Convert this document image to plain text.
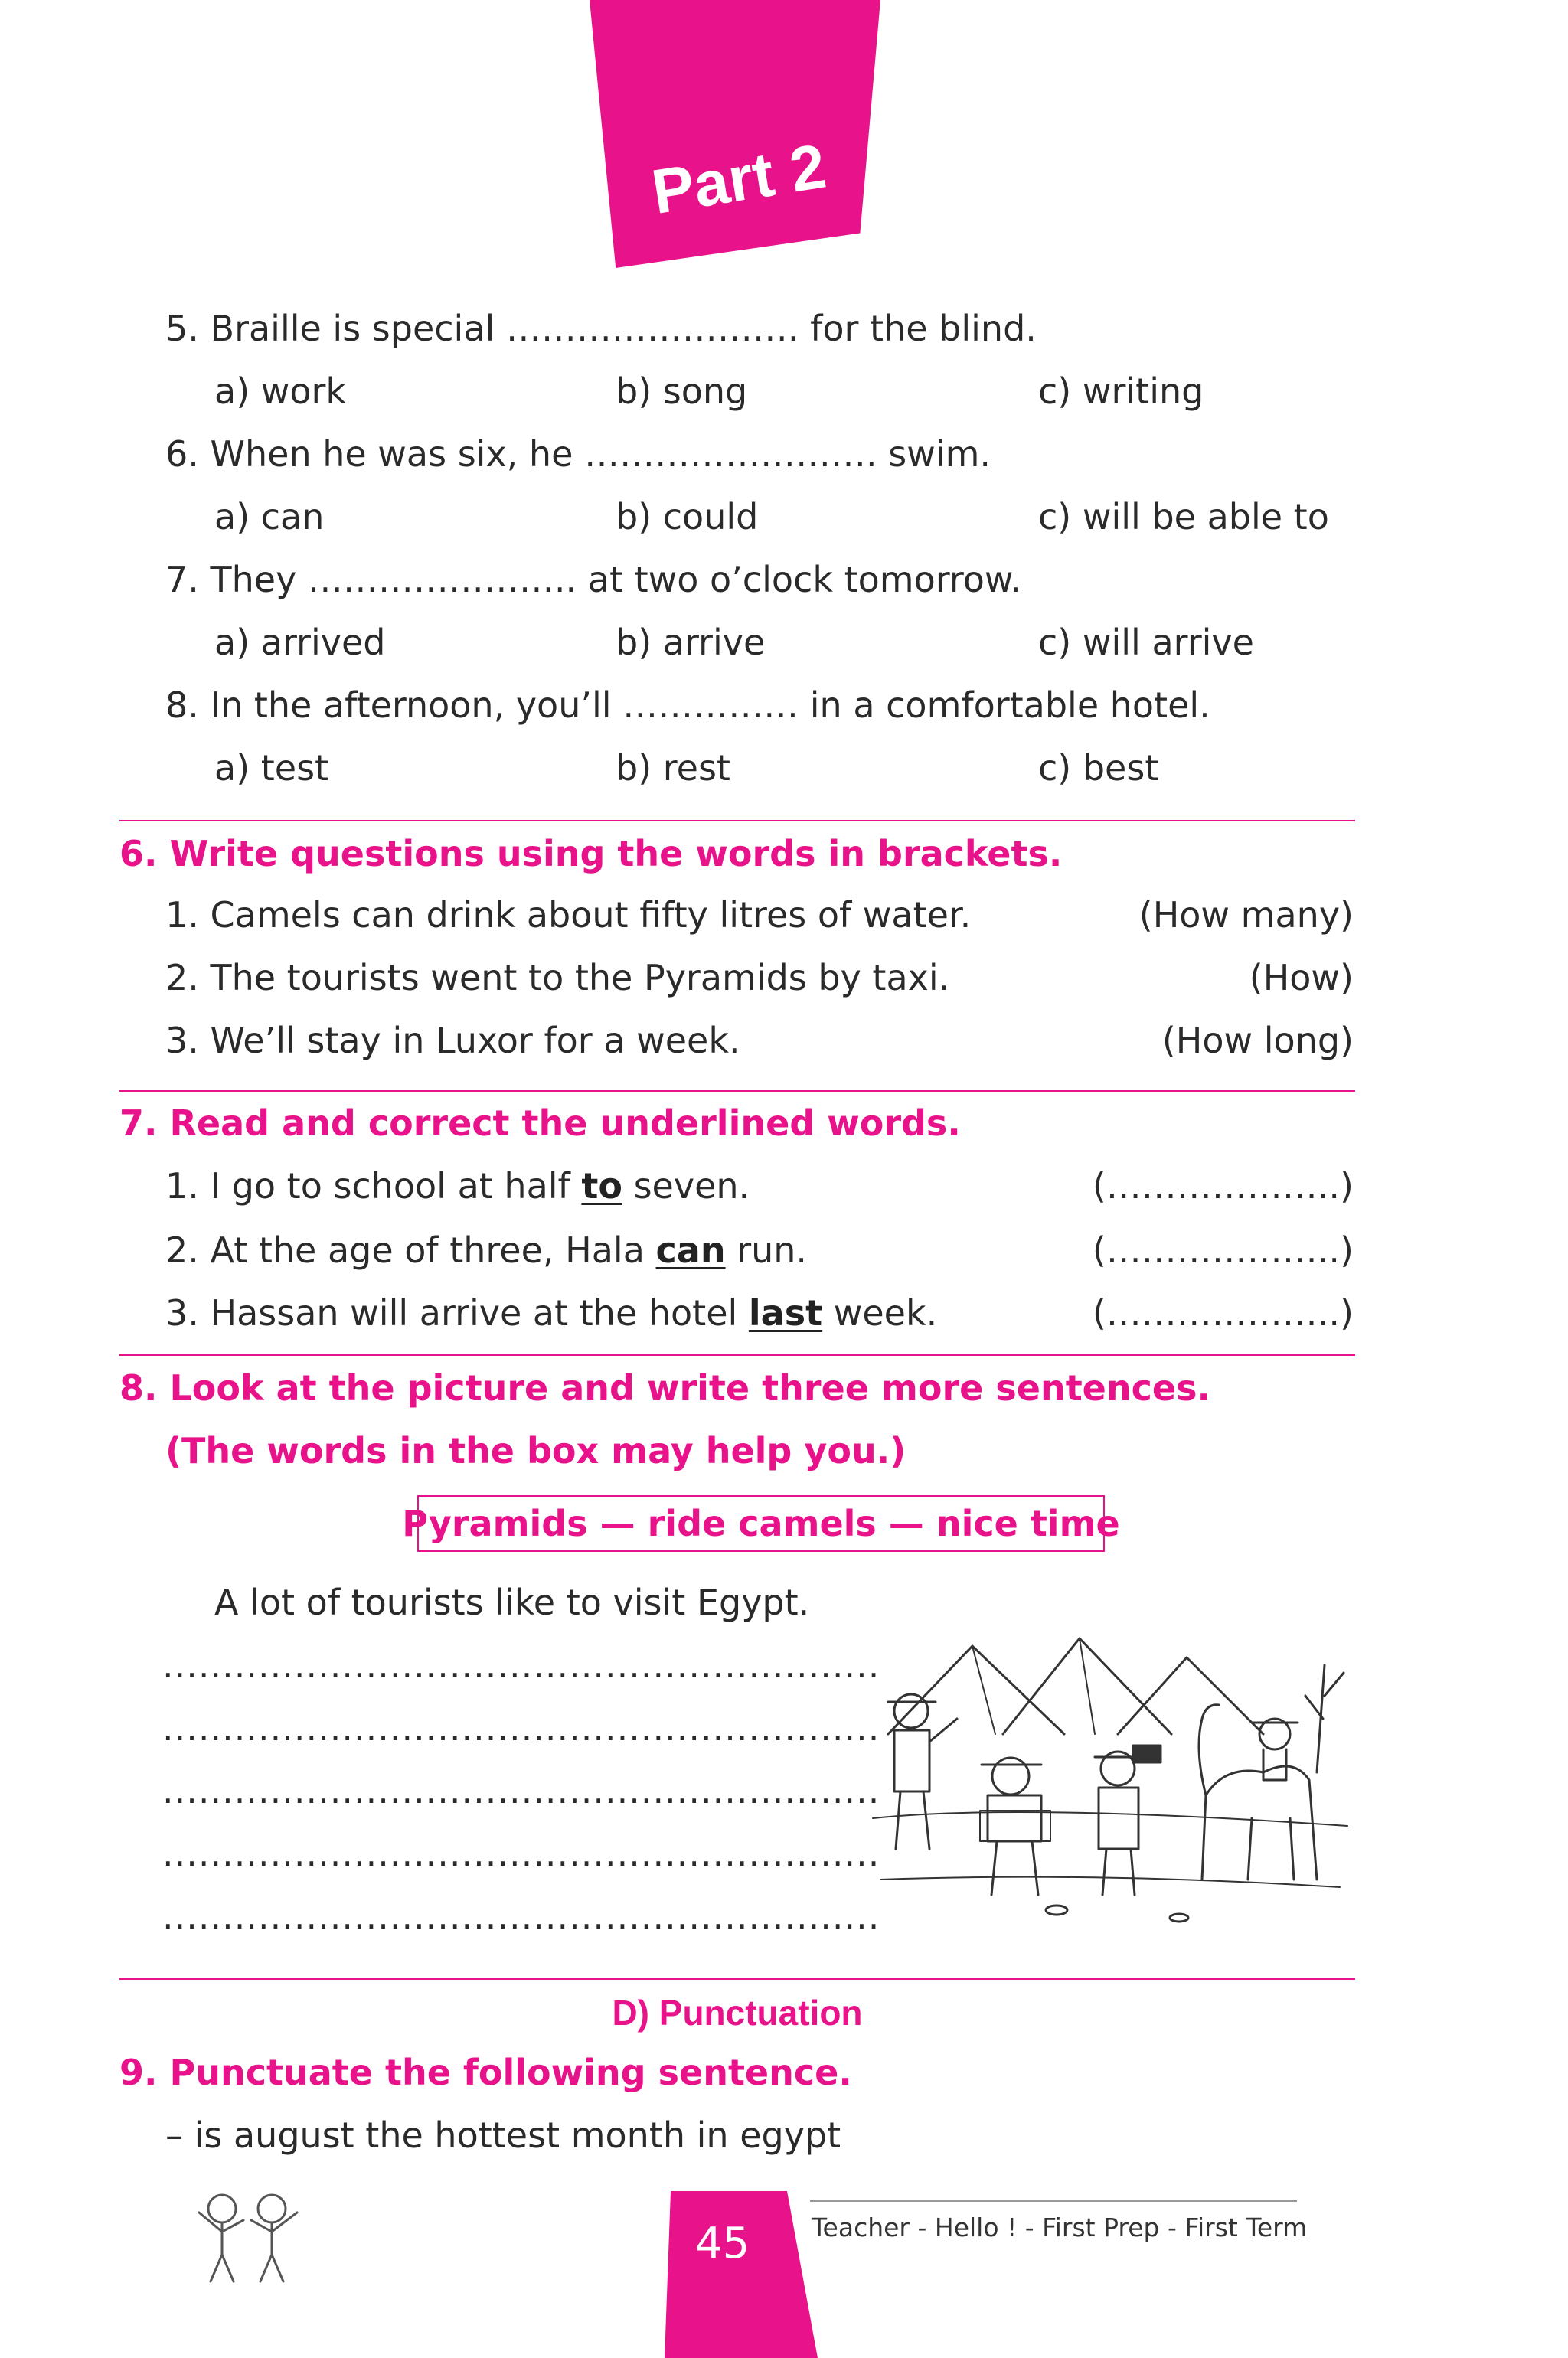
Part 2
5. Braille is special ……………………. for the blind.
a) work	b) song	c) writing
6. When he was six, he ……………………. swim.
a) can	b) could	c) will be able to
7. They ………………….. at two o’clock tomorrow.
a) arrived	b) arrive	c) will arrive
8. In the afternoon, you’ll …………… in a comfortable hotel.
a) test	b) rest	c) best
6. Write questions using the words in brackets.
1. Camels can drink about fifty litres of water.	(How many)
2. The tourists went to the Pyramids by taxi.	(How)
3. We’ll stay in Luxor for a week.	(How long)
7. Read and correct the underlined words.
1. I go to school at half to seven.	(………………..)
2. At the age of three, Hala can run.	(………………..)
3. Hassan will arrive at the hotel last week.	(………………..)
8. Look at the picture and write three more sentences.
(The words in the box may help you.)
Pyramids — ride camels — nice time
A lot of tourists like to visit Egypt.
............................................................
............................................................
............................................................
............................................................
............................................................
D) Punctuation
9. Punctuate the following sentence.
– is august the hottest month in egypt
45 Teacher - Hello ! - First Prep - First Term
